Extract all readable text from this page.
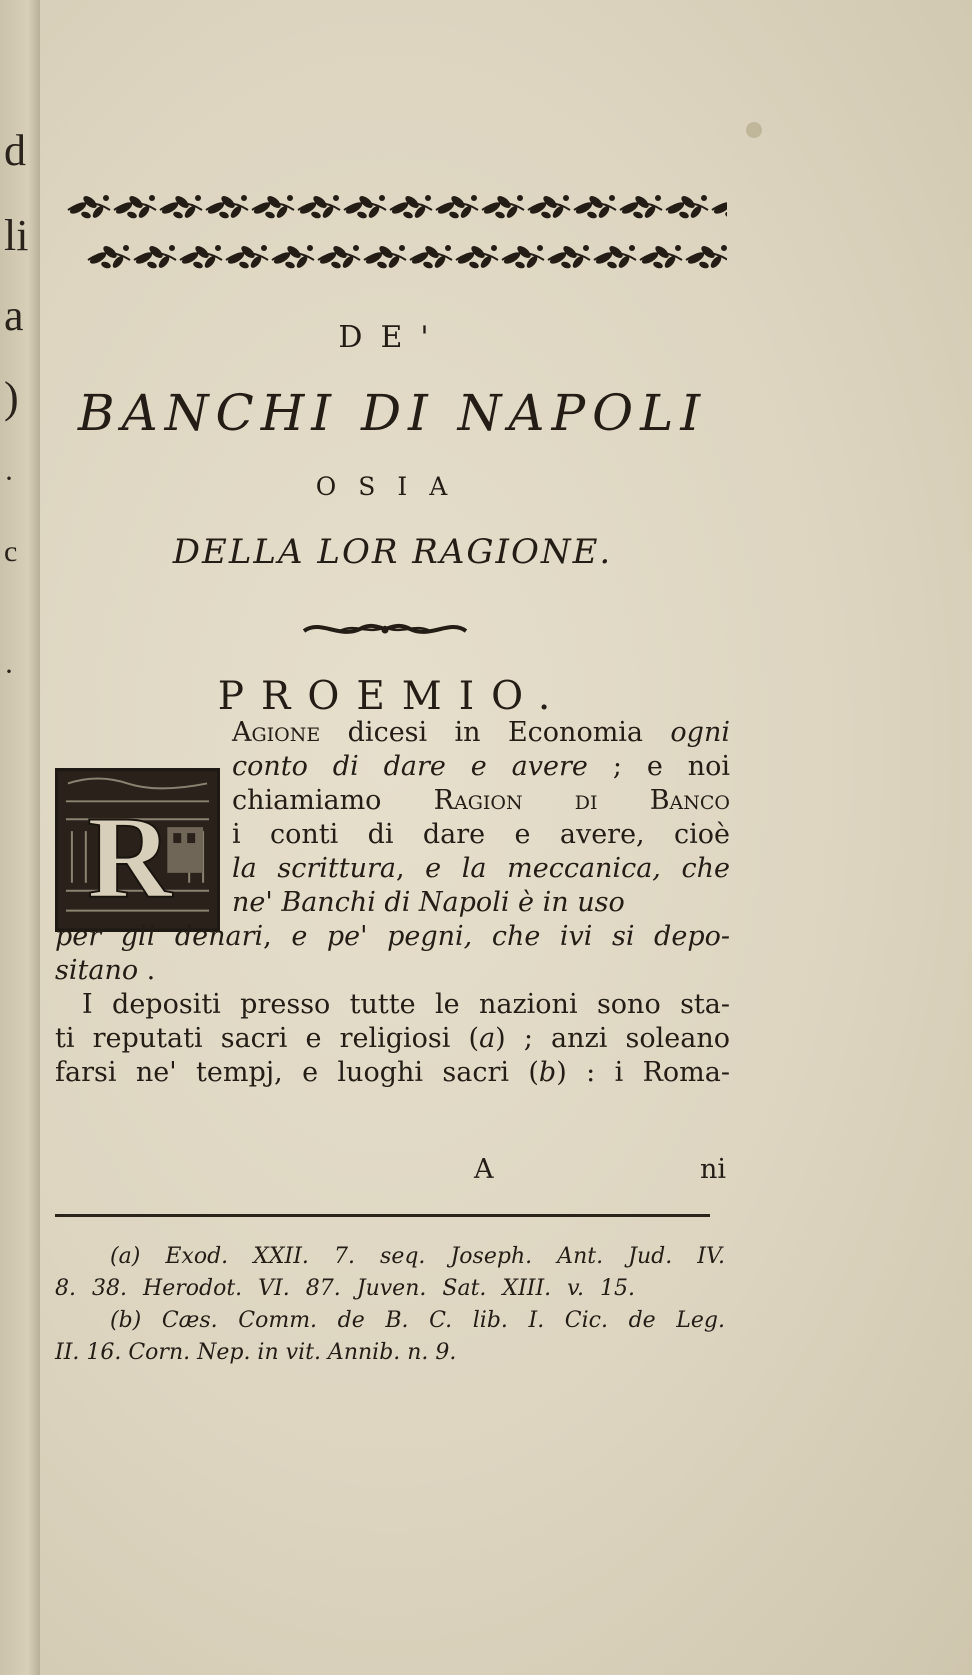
d
li
a
)
·
c
·
DE'
BANCHI DI NAPOLI
OSIA
DELLA LOR RAGIONE.
PROEMIO.
R
Agione dicesi in Economia ogni
conto di dare e avere ; e noi
chiamiamo Ragion di Banco
i conti di dare e avere, cioè
la scrittura, e la meccanica, che
ne' Banchi di Napoli è in uso
per gli denari, e pe' pegni, che ivi si depo-
sitano .
I depositi presso tutte le nazioni sono sta-
ti reputati sacri e religiosi (a) ; anzi soleano
farsi ne' tempj, e luoghi sacri (b) : i Roma-
A	ni
(a) Exod. XXII. 7. seq. Joseph. Ant. Jud. IV.
8. 38. Herodot. VI. 87. Juven. Sat. XIII. v. 15.
(b) Cæs. Comm. de B. C. lib. I. Cic. de Leg.
II. 16. Corn. Nep. in vit. Annib. n. 9.
